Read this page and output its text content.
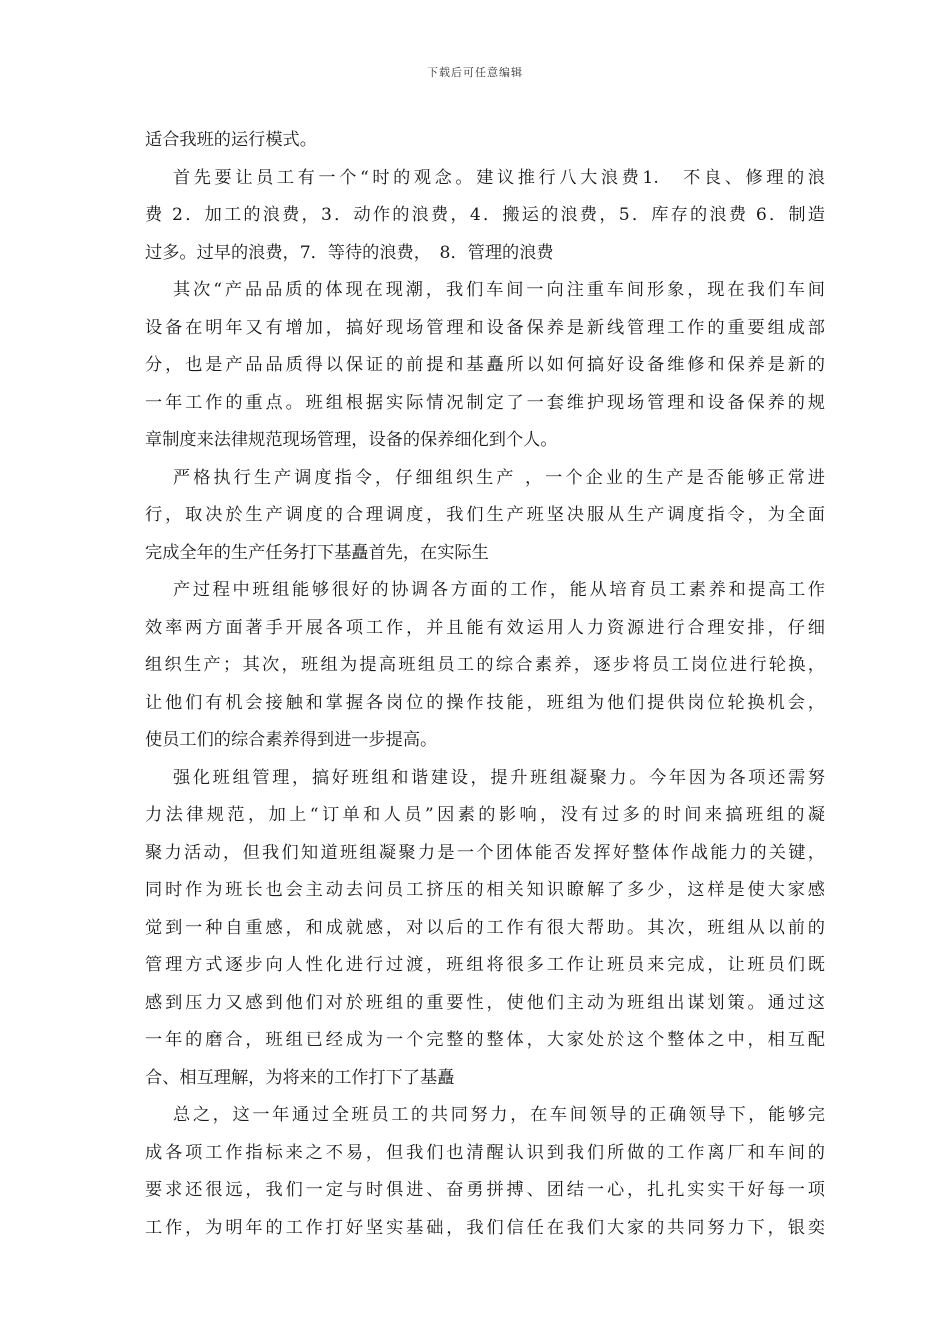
下载后可任意编辑
适合我班的运行模式。
首先要让员工有一个“时的观念。建议推行八大浪费1.　不良、修理的浪
费 2．加工的浪费，3．动作的浪费，4．搬运的浪费，5．库存的浪费 6．制造
过多。过早的浪费，7．等待的浪费，　8．管理的浪费
其次“产品品质的体现在现潮，我们车间一向注重车间形象，现在我们车间
设备在明年又有增加，搞好现场管理和设备保养是新线管理工作的重要组成部
分，也是产品品质得以保证的前提和基矗所以如何搞好设备维修和保养是新的
一年工作的重点。班组根据实际情况制定了一套维护现场管理和设备保养的规
章制度来法律规范现场管理，设备的保养细化到个人。
严格执行生产调度指令，仔细组织生产 ，一个企业的生产是否能够正常进
行，取决於生产调度的合理调度，我们生产班坚决服从生产调度指令，为全面
完成全年的生产任务打下基矗首先，在实际生
产过程中班组能够很好的协调各方面的工作，能从培育员工素养和提高工作
效率两方面著手开展各项工作，并且能有效运用人力资源进行合理安排，仔细
组织生产；其次，班组为提高班组员工的综合素养，逐步将员工岗位进行轮换，
让他们有机会接触和掌握各岗位的操作技能，班组为他们提供岗位轮换机会，
使员工们的综合素养得到进一步提高。
强化班组管理，搞好班组和谐建设，提升班组凝聚力。今年因为各项还需努
力法律规范，加上“订单和人员”因素的影响，没有过多的时间来搞班组的凝
聚力活动，但我们知道班组凝聚力是一个团体能否发挥好整体作战能力的关键，
同时作为班长也会主动去问员工挤压的相关知识瞭解了多少，这样是使大家感
觉到一种自重感，和成就感，对以后的工作有很大帮助。其次，班组从以前的
管理方式逐步向人性化进行过渡，班组将很多工作让班员来完成，让班员们既
感到压力又感到他们对於班组的重要性，使他们主动为班组出谋划策。通过这
一年的磨合，班组已经成为一个完整的整体，大家处於这个整体之中，相互配
合、相互理解，为将来的工作打下了基矗
总之，这一年通过全班员工的共同努力，在车间领导的正确领导下，能够完
成各项工作指标来之不易，但我们也清醒认识到我们所做的工作离厂和车间的
要求还很远，我们一定与时俱进、奋勇拼搏、团结一心，扎扎实实干好每一项
工作，为明年的工作打好坚实基础，我们信任在我们大家的共同努力下，银奕
